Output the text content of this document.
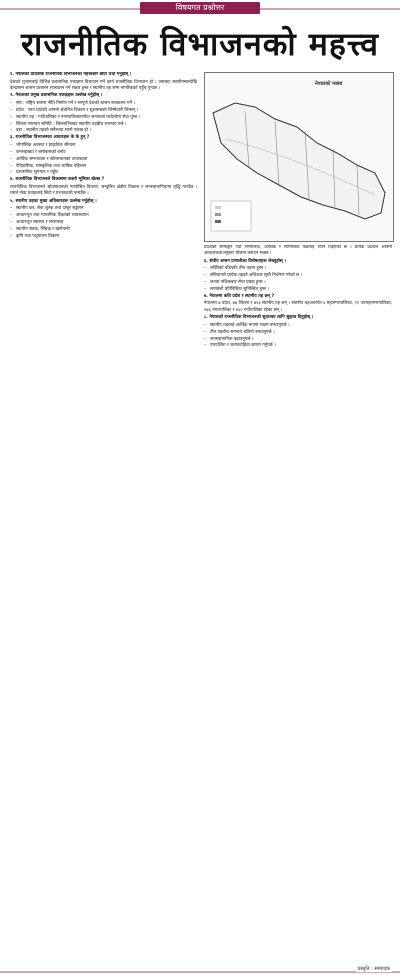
विषयगत प्रश्नोत्तर
राजनीतिक विभाजनको महत्त्व
नेपालको नक्सा

१. नेपालको प्रादेशिक राजनीतिक विभाजनको महत्त्वबारे छोटो चर्चा गर्नुहोस् ।

देशको भूभागलाई विभिन्न प्रशासनिक एकाइमा विभाजन गर्ने कार्य राजनीतिक विभाजन हो । जसबाट स्थानीयस्तरदेखि केन्द्रसम्म शासन प्रशासन सञ्चालन गर्न सहज हुन्छ र स्थानीय तह सम्म नागरिकको पहुँच पुग्दछ ।

२. नेपालका प्रमुख प्रशासनिक एकाइहरू उल्लेख गर्नुहोस् ।

– संघ : राष्ट्रिय स्तरमा नीति निर्माण गर्ने र सम्पूर्ण देशको शासन सञ्चालन गर्ने ।
– प्रदेश : सात प्रदेशले आफ्नो क्षेत्रभित्र विकास र सुशासनको जिम्मेवारी लिन्छन् ।
– स्थानीय तह : गाउँपालिका र नगरपालिकामार्फत जनताको घरदैलोमा सेवा पुग्छ ।
– जिल्ला समन्वय समिति : जिल्लाभित्रका स्थानीय तहबीच समन्वय गर्छ ।
– वडा : स्थानीय तहको सबैभन्दा सानो एकाइ हो ।

३. राजनीतिक विभाजनका आधारहरू के के हुन् ?

– भौगोलिक अवस्था र प्राकृतिक सीमाना
– जनसङ्ख्या र बसोबासको बनोट
– आर्थिक सम्भाव्यता र स्रोतसाधनको उपलब्धता
– ऐतिहासिक, सांस्कृतिक तथा भाषिक पहिचान
– प्रशासनिक सुगमता र पहुँच

४. राजनीतिक विभाजनले विकासमा कस्तो भूमिका खेल्छ ?

राजनीतिक विभाजनले स्रोतसाधनको न्यायोचित वितरण, सन्तुलित क्षेत्रीय विकास र जनसहभागितामा वृद्धि गराउँछ । यसले सेवा प्रवाहलाई छिटो र प्रभावकारी बनाउँछ ।

५. स्थानीय तहका मुख्य अधिकारहरू उल्लेख गर्नुहोस् ।

– स्थानीय कर, सेवा शुल्क तथा दस्तुर सङ्कलन
– आधारभूत तथा माध्यमिक शिक्षाको व्यवस्थापन
– आधारभूत स्वास्थ्य र सरसफाइ
– स्थानीय सडक, सिँचाइ र खानेपानी
– कृषि तथा पशुपालन विकास

प्रदेशको सीमाङ्कन गर्दा भौगोलिक, आर्थिक र सामाजिक पक्षलाई ध्यान दिइएको छ । प्रत्येक प्रदेशले आफ्नो आवश्यकताअनुसार योजना बनाउन सक्छ ।

६. संघीय शासन प्रणालीका विशेषताहरू लेख्नुहोस् ।

– शक्तिको बाँडफाँट तीन तहमा हुन्छ ।
– संविधानले प्रत्येक तहको अधिकार सूची निर्धारण गरेको छ ।
– जनता नजिकबाट सेवा प्रवाह हुन्छ ।
– समावेशी प्रतिनिधित्व सुनिश्चित हुन्छ ।

७. नेपालमा कति प्रदेश र स्थानीय तह छन् ?

नेपालमा ७ प्रदेश, ७७ जिल्ला र ७५३ स्थानीय तह छन् । स्थानीय तहअन्तर्गत ६ महानगरपालिका, ११ उपमहानगरपालिका, २७६ नगरपालिका र ४६० गाउँपालिका रहेका छन् ।

८. नेपालको राजनीतिक विभाजनको सुधारका लागि सुझाव दिनुहोस् ।

– स्थानीय तहलाई आर्थिक रूपमा सक्षम बनाउनुपर्छ ।
– तीन तहबीच समन्वय बलियो बनाउनुपर्छ ।
– जनसहभागिता बढाउनुपर्छ ।
– पारदर्शिता र जवाफदेहिता कायम गर्नुपर्छ ।
प्रस्तुति : सम्पादक
